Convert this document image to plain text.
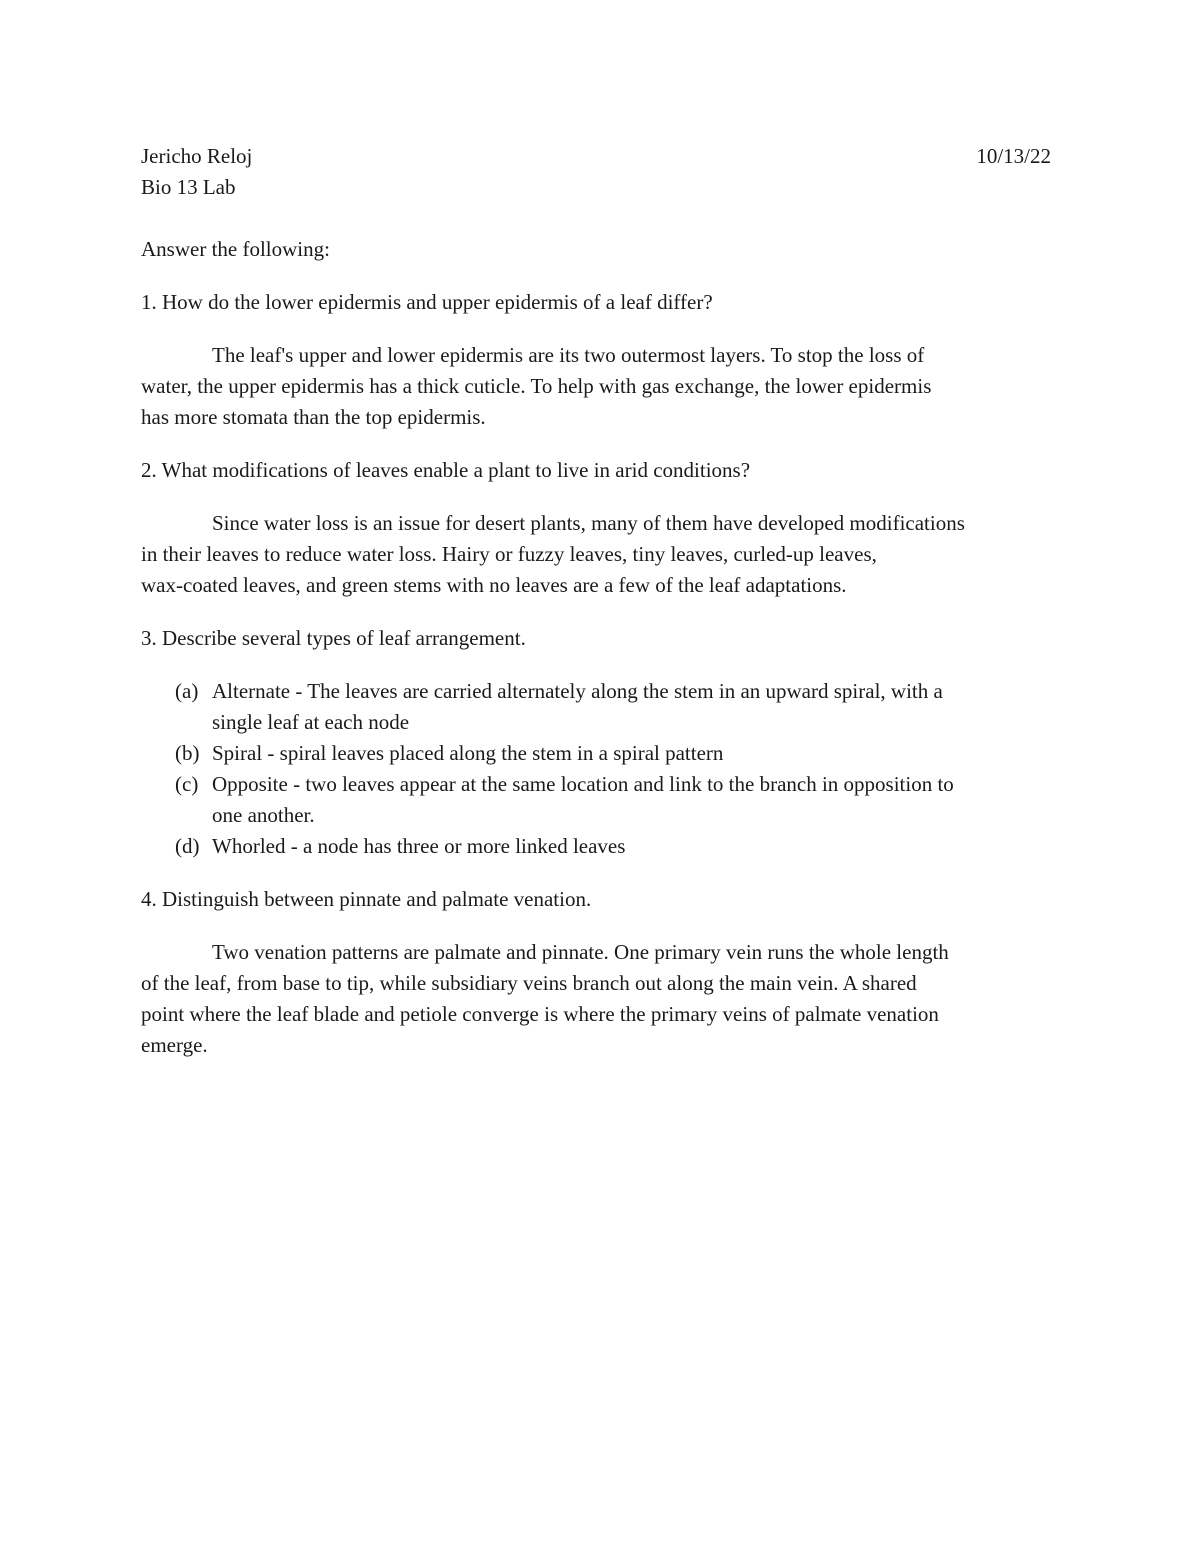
Jericho Reloj	10/13/22
Bio 13 Lab
Answer the following:
1. How do the lower epidermis and upper epidermis of a leaf differ?
The leaf's upper and lower epidermis are its two outermost layers. To stop the loss of
water, the upper epidermis has a thick cuticle. To help with gas exchange, the lower epidermis
has more stomata than the top epidermis.
2. What modifications of leaves enable a plant to live in arid conditions?
Since water loss is an issue for desert plants, many of them have developed modifications
in their leaves to reduce water loss. Hairy or fuzzy leaves, tiny leaves, curled-up leaves,
wax-coated leaves, and green stems with no leaves are a few of the leaf adaptations.
3. Describe several types of leaf arrangement.
(a) Alternate - The leaves are carried alternately along the stem in an upward spiral, with a
single leaf at each node
(b) Spiral - spiral leaves placed along the stem in a spiral pattern
(c) Opposite - two leaves appear at the same location and link to the branch in opposition to
one another.
(d) Whorled - a node has three or more linked leaves
4. Distinguish between pinnate and palmate venation.
Two venation patterns are palmate and pinnate. One primary vein runs the whole length
of the leaf, from base to tip, while subsidiary veins branch out along the main vein. A shared
point where the leaf blade and petiole converge is where the primary veins of palmate venation
emerge.
